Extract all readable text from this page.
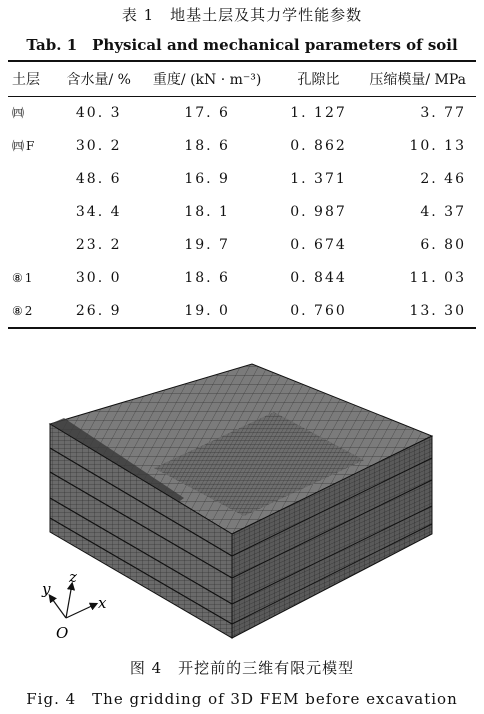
表 1　地基土层及其力学性能参数
Tab. 1　Physical and mechanical parameters of soil
土层	含水量/ %	重度/ (kN · m⁻³)	孔隙比	压缩模量/ MPa
㈣	40. 3	17. 6	1. 127	3. 77
㈣F	30. 2	18. 6	0. 862	10. 13
	48. 6	16. 9	1. 371	2. 46
	34. 4	18. 1	0. 987	4. 37
	23. 2	19. 7	0. 674	6. 80
⑧1	30. 0	18. 6	0. 844	11. 03
⑧2	26. 9	19. 0	0. 760	13. 30
x
y
z
O
图 4　开挖前的三维有限元模型
Fig. 4　The gridding of 3D FEM before excavation
